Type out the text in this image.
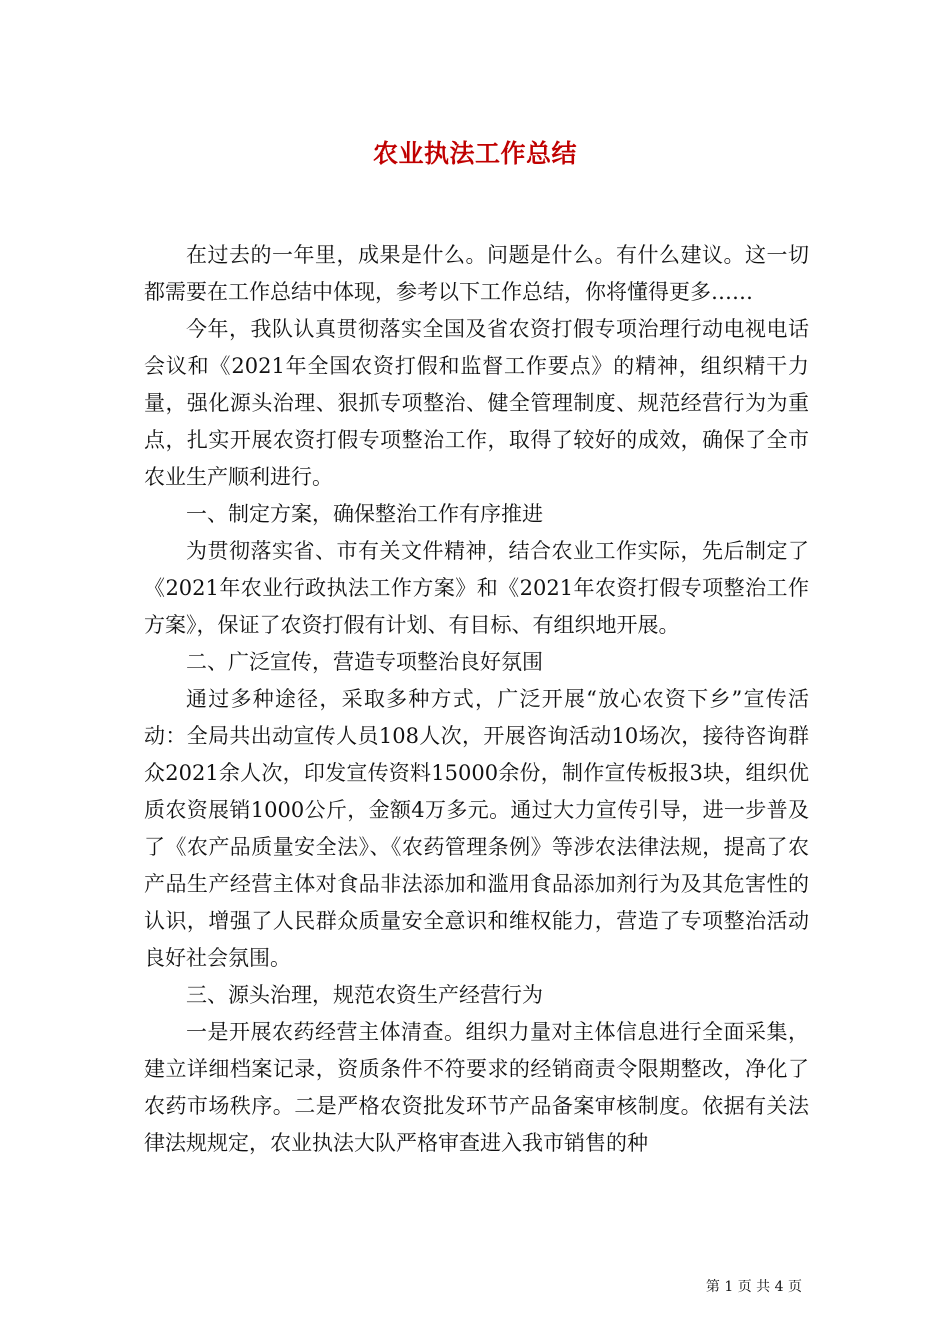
农业执法工作总结

在过去的一年里，成果是什么。问题是什么。有什么建议。这一切都需要在工作总结中体现，参考以下工作总结，你将懂得更多……

今年，我队认真贯彻落实全国及省农资打假专项治理行动电视电话会议和《2021年全国农资打假和监督工作要点》的精神，组织精干力量，强化源头治理、狠抓专项整治、健全管理制度、规范经营行为为重点，扎实开展农资打假专项整治工作，取得了较好的成效，确保了全市农业生产顺利进行。

一、制定方案，确保整治工作有序推进

为贯彻落实省、市有关文件精神，结合农业工作实际，先后制定了《2021年农业行政执法工作方案》和《2021年农资打假专项整治工作方案》，保证了农资打假有计划、有目标、有组织地开展。

二、广泛宣传，营造专项整治良好氛围

通过多种途径，采取多种方式，广泛开展“放心农资下乡”宣传活动：全局共出动宣传人员108人次，开展咨询活动10场次，接待咨询群众2021余人次，印发宣传资料15000余份，制作宣传板报3块，组织优质农资展销1000公斤，金额4万多元。通过大力宣传引导，进一步普及了《农产品质量安全法》、《农药管理条例》等涉农法律法规，提高了农产品生产经营主体对食品非法添加和滥用食品添加剂行为及其危害性的认识，增强了人民群众质量安全意识和维权能力，营造了专项整治活动良好社会氛围。

三、源头治理，规范农资生产经营行为

一是开展农药经营主体清查。组织力量对主体信息进行全面采集，建立详细档案记录，资质条件不符要求的经销商责令限期整改，净化了农药市场秩序。二是严格农资批发环节产品备案审核制度。依据有关法律法规规定，农业执法大队严格审查进入我市销售的种

第 1 页 共 4 页
